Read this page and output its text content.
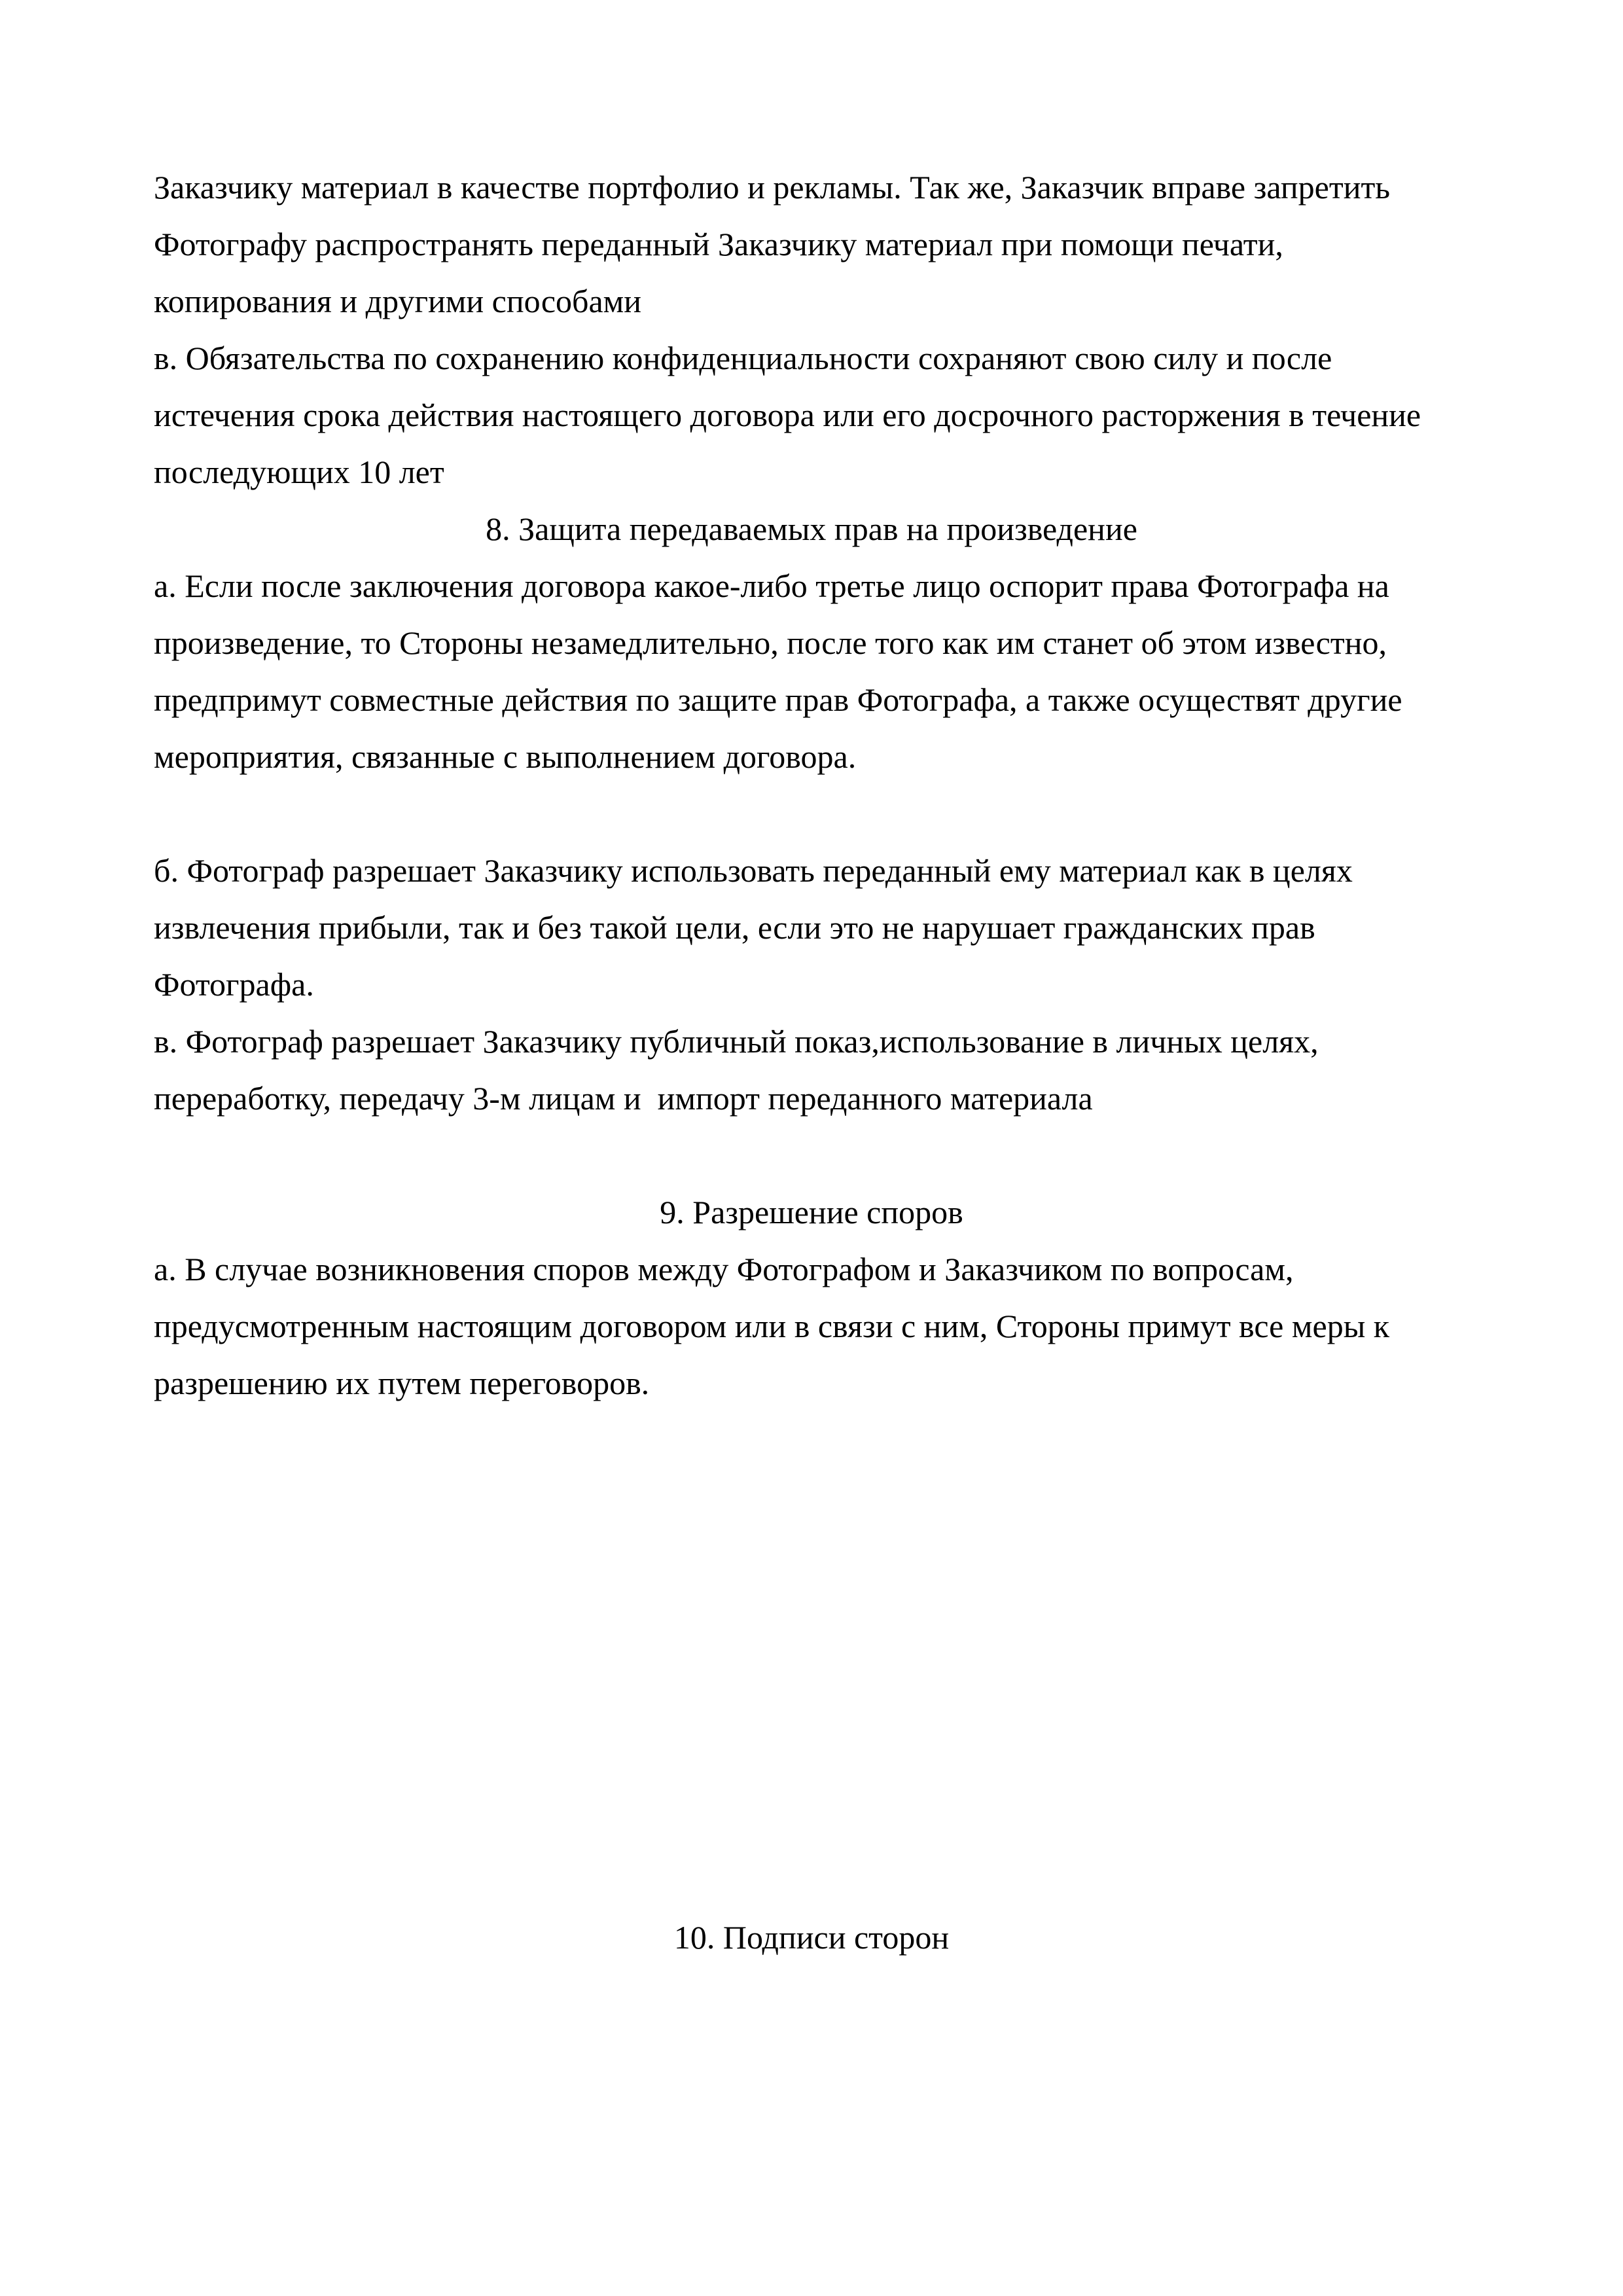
Заказчику материал в качестве портфолио и рекламы. Так же, Заказчик вправе запретить
Фотографу распространять переданный Заказчику материал при помощи печати,
копирования и другими способами
в. Обязательства по сохранению конфиденциальности сохраняют свою силу и после
истечения срока действия настоящего договора или его досрочного расторжения в течение
последующих 10 лет
8. Защита передаваемых прав на произведение
а. Если после заключения договора какое-либо третье лицо оспорит права Фотографа на
произведение, то Стороны незамедлительно, после того как им станет об этом известно,
предпримут совместные действия по защите прав Фотографа, а также осуществят другие
мероприятия, связанные с выполнением договора.
б. Фотограф разрешает Заказчику использовать переданный ему материал как в целях
извлечения прибыли, так и без такой цели, если это не нарушает гражданских прав
Фотографа.
в. Фотограф разрешает Заказчику публичный показ,использование в личных целях,
переработку, передачу 3-м лицам и  импорт переданного материала
9. Разрешение споров
а. В случае возникновения споров между Фотографом и Заказчиком по вопросам,
предусмотренным настоящим договором или в связи с ним, Стороны примут все меры к
разрешению их путем переговоров.
10. Подписи сторон
